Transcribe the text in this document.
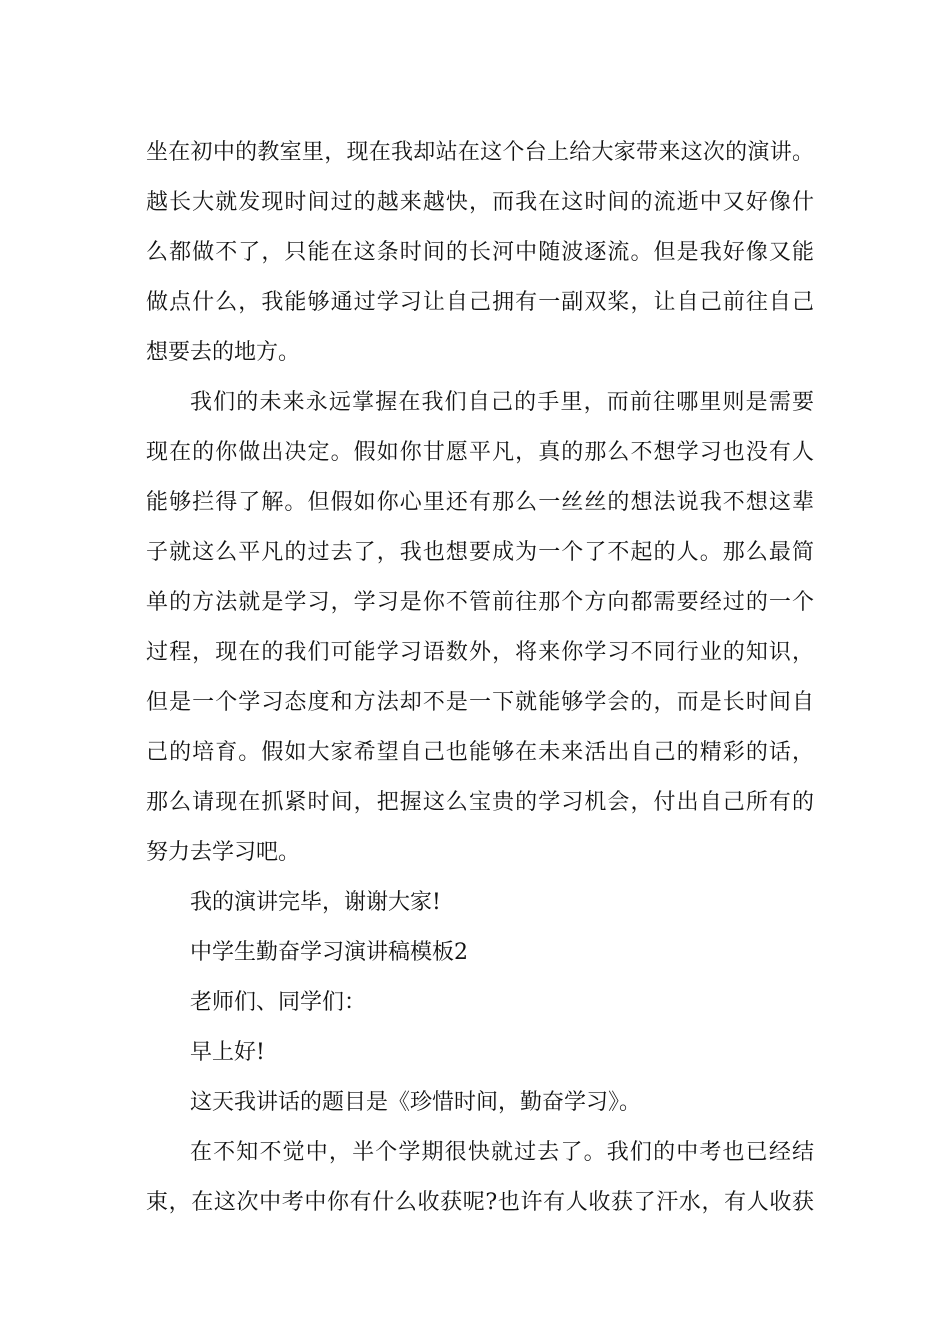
坐在初中的教室里，现在我却站在这个台上给大家带来这次的演讲。
越长大就发现时间过的越来越快，而我在这时间的流逝中又好像什
么都做不了，只能在这条时间的长河中随波逐流。但是我好像又能
做点什么，我能够通过学习让自己拥有一副双桨，让自己前往自己
想要去的地方。
我们的未来永远掌握在我们自己的手里，而前往哪里则是需要
现在的你做出决定。假如你甘愿平凡，真的那么不想学习也没有人
能够拦得了解。但假如你心里还有那么一丝丝的想法说我不想这辈
子就这么平凡的过去了，我也想要成为一个了不起的人。那么最简
单的方法就是学习，学习是你不管前往那个方向都需要经过的一个
过程，现在的我们可能学习语数外，将来你学习不同行业的知识，
但是一个学习态度和方法却不是一下就能够学会的，而是长时间自
己的培育。假如大家希望自己也能够在未来活出自己的精彩的话，
那么请现在抓紧时间，把握这么宝贵的学习机会，付出自己所有的
努力去学习吧。
我的演讲完毕，谢谢大家!
中学生勤奋学习演讲稿模板2
老师们、同学们：
早上好!
这天我讲话的题目是《珍惜时间，勤奋学习》。
在不知不觉中，半个学期很快就过去了。我们的中考也已经结
束，在这次中考中你有什么收获呢?也许有人收获了汗水，有人收获
